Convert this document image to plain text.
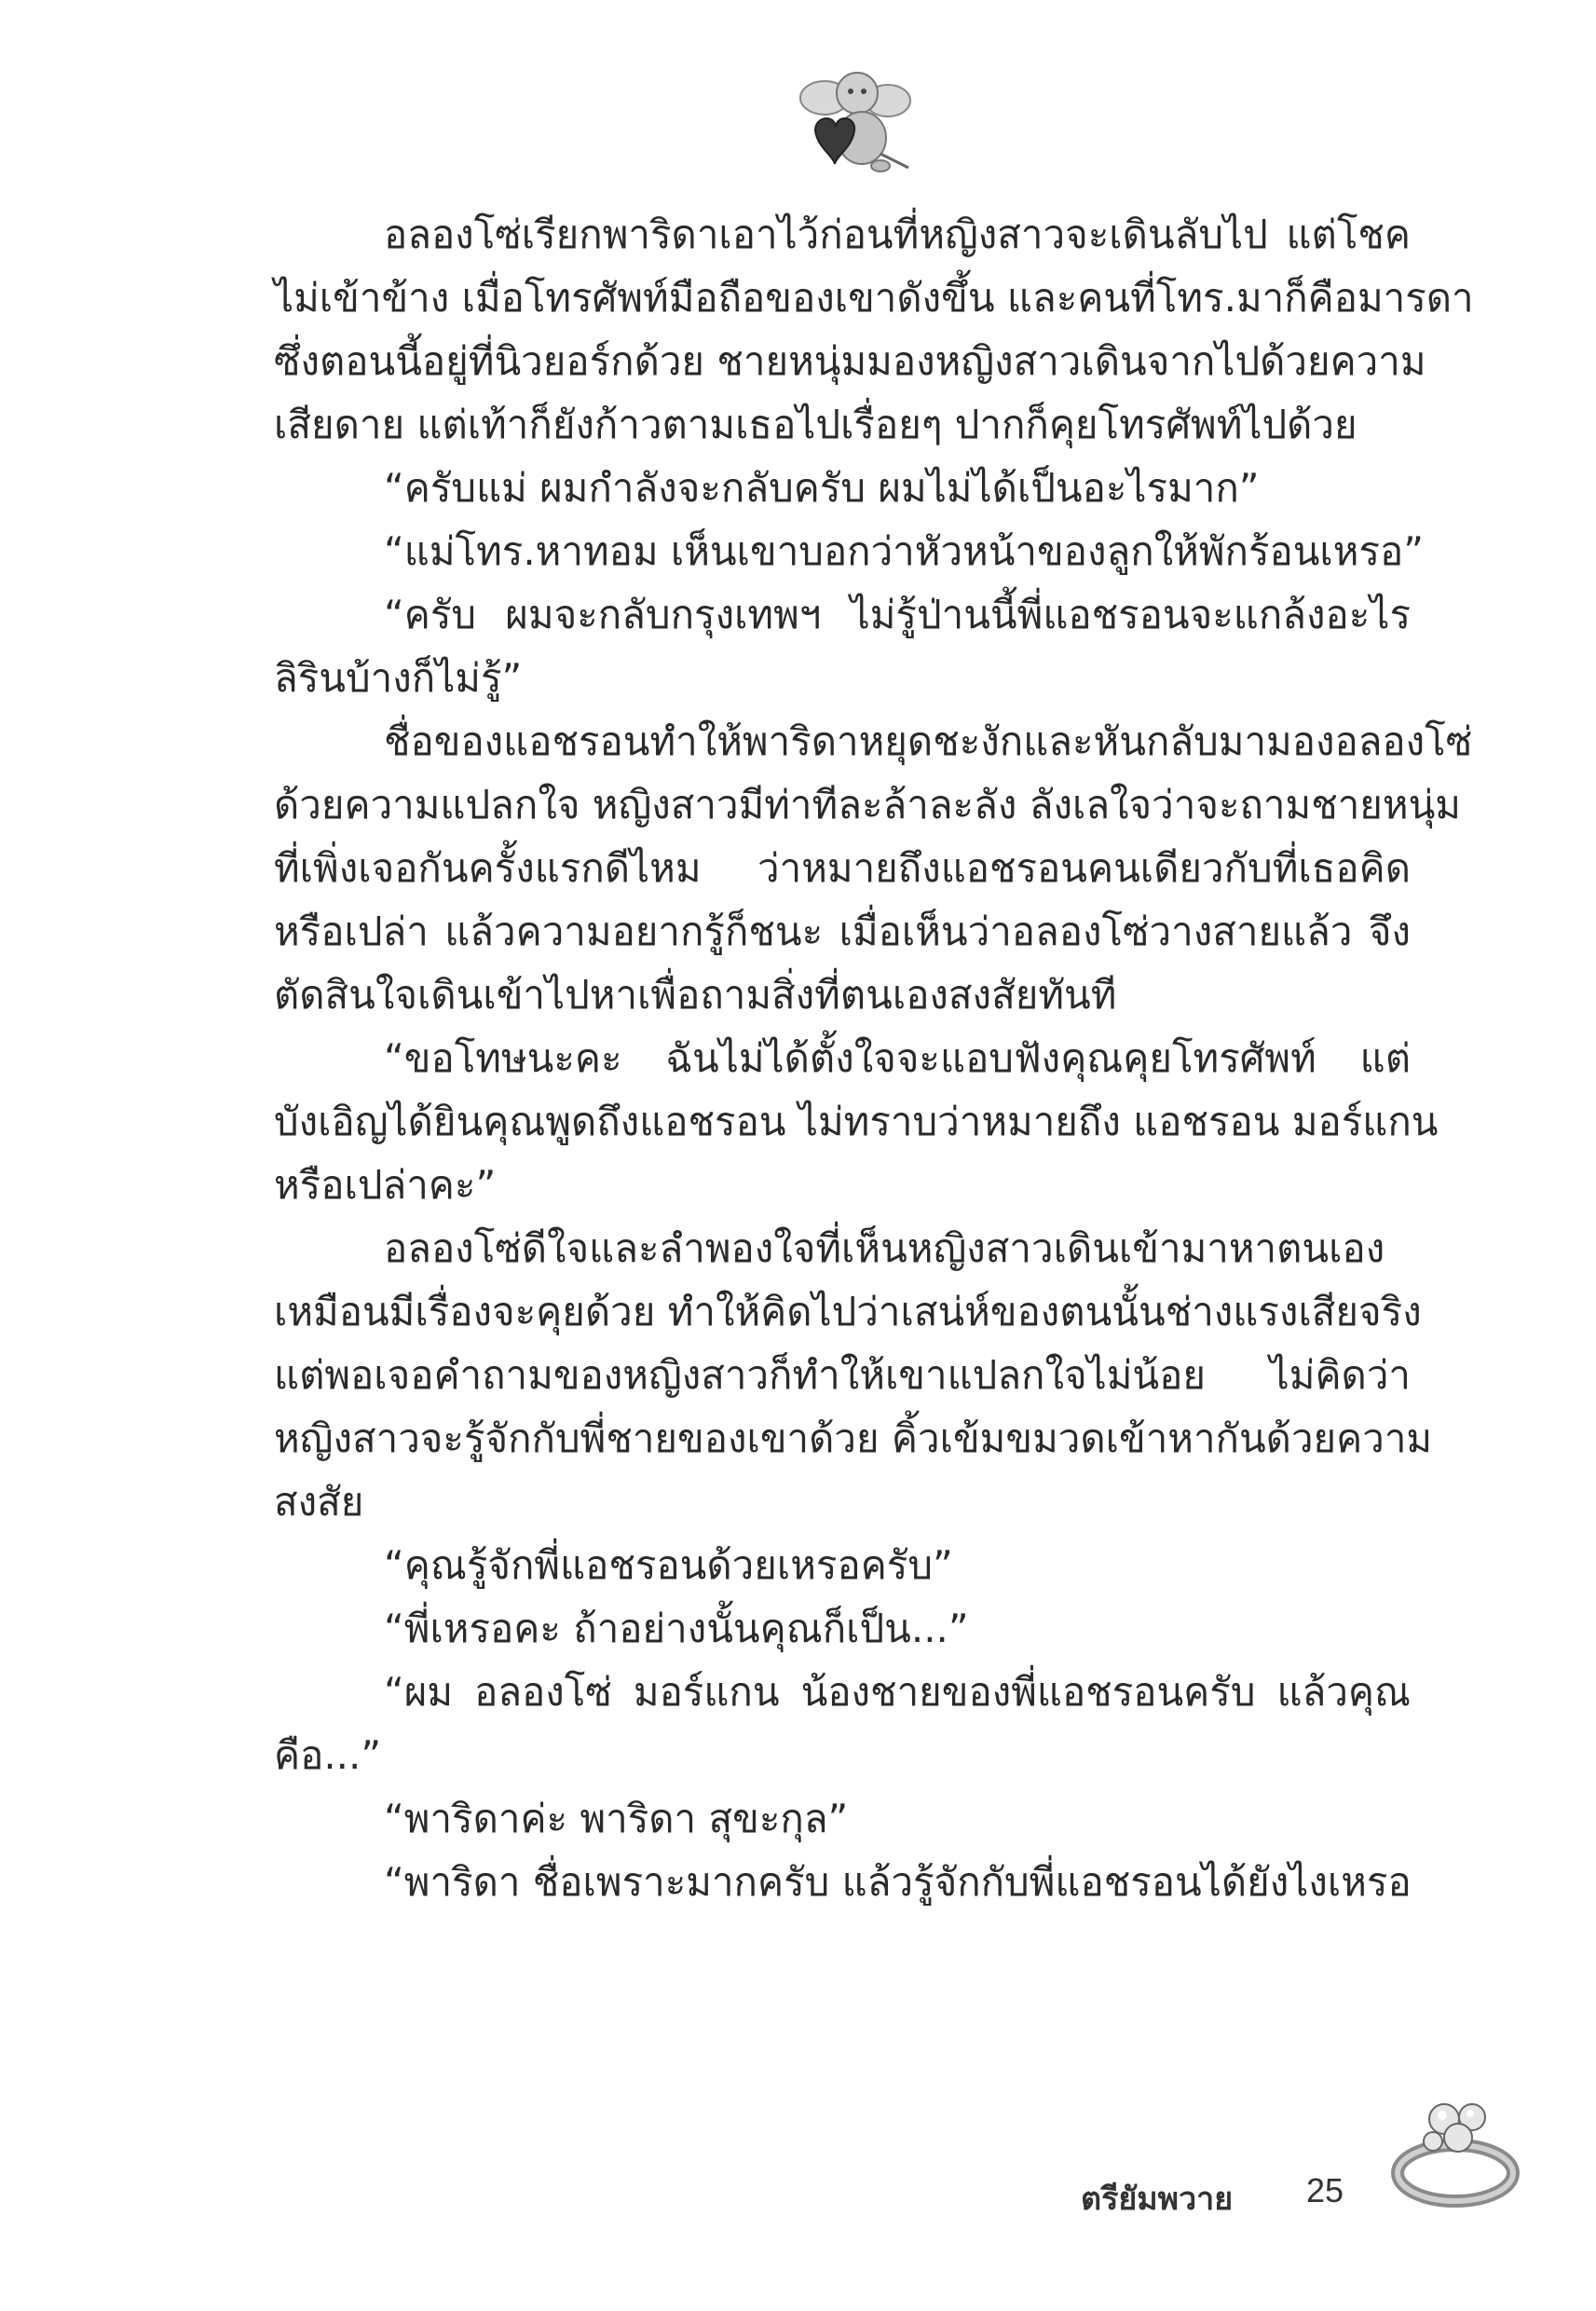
อลองโซ่เรียกพาริดาเอาไว้ก่อนที่หญิงสาวจะเดินลับไป แต่โชค
ไม่เข้าข้าง เมื่อโทรศัพท์มือถือของเขาดังขึ้น และคนที่โทร.มาก็คือมารดา
ซึ่งตอนนี้อยู่ที่นิวยอร์กด้วย ชายหนุ่มมองหญิงสาวเดินจากไปด้วยความ
เสียดาย แต่เท้าก็ยังก้าวตามเธอไปเรื่อยๆ ปากก็คุยโทรศัพท์ไปด้วย
“ครับแม่ ผมกำลังจะกลับครับ ผมไม่ได้เป็นอะไรมาก”
“แม่โทร.หาทอม เห็นเขาบอกว่าหัวหน้าของลูกให้พักร้อนเหรอ”
“ครับ ผมจะกลับกรุงเทพฯ ไม่รู้ป่านนี้พี่แอชรอนจะแกล้งอะไร
ลิรินบ้างก็ไม่รู้”
ชื่อของแอชรอนทำให้พาริดาหยุดชะงักและหันกลับมามองอลองโซ่
ด้วยความแปลกใจ หญิงสาวมีท่าทีละล้าละลัง ลังเลใจว่าจะถามชายหนุ่ม
ที่เพิ่งเจอกันครั้งแรกดีไหม ว่าหมายถึงแอชรอนคนเดียวกับที่เธอคิด
หรือเปล่า แล้วความอยากรู้ก็ชนะ เมื่อเห็นว่าอลองโซ่วางสายแล้ว จึง
ตัดสินใจเดินเข้าไปหาเพื่อถามสิ่งที่ตนเองสงสัยทันที
“ขอโทษนะคะ ฉันไม่ได้ตั้งใจจะแอบฟังคุณคุยโทรศัพท์ แต่
บังเอิญได้ยินคุณพูดถึงแอชรอน ไม่ทราบว่าหมายถึง แอชรอน มอร์แกน
หรือเปล่าคะ”
อลองโซ่ดีใจและลำพองใจที่เห็นหญิงสาวเดินเข้ามาหาตนเอง
เหมือนมีเรื่องจะคุยด้วย ทำให้คิดไปว่าเสน่ห์ของตนนั้นช่างแรงเสียจริง
แต่พอเจอคำถามของหญิงสาวก็ทำให้เขาแปลกใจไม่น้อย ไม่คิดว่า
หญิงสาวจะรู้จักกับพี่ชายของเขาด้วย คิ้วเข้มขมวดเข้าหากันด้วยความ
สงสัย
“คุณรู้จักพี่แอชรอนด้วยเหรอครับ”
“พี่เหรอคะ ถ้าอย่างนั้นคุณก็เป็น...”
“ผม อลองโซ่ มอร์แกน น้องชายของพี่แอชรอนครับ แล้วคุณ
คือ...”
“พาริดาค่ะ พาริดา สุขะกุล”
“พาริดา ชื่อเพราะมากครับ แล้วรู้จักกับพี่แอชรอนได้ยังไงเหรอ
ตรียัมพวาย 25
